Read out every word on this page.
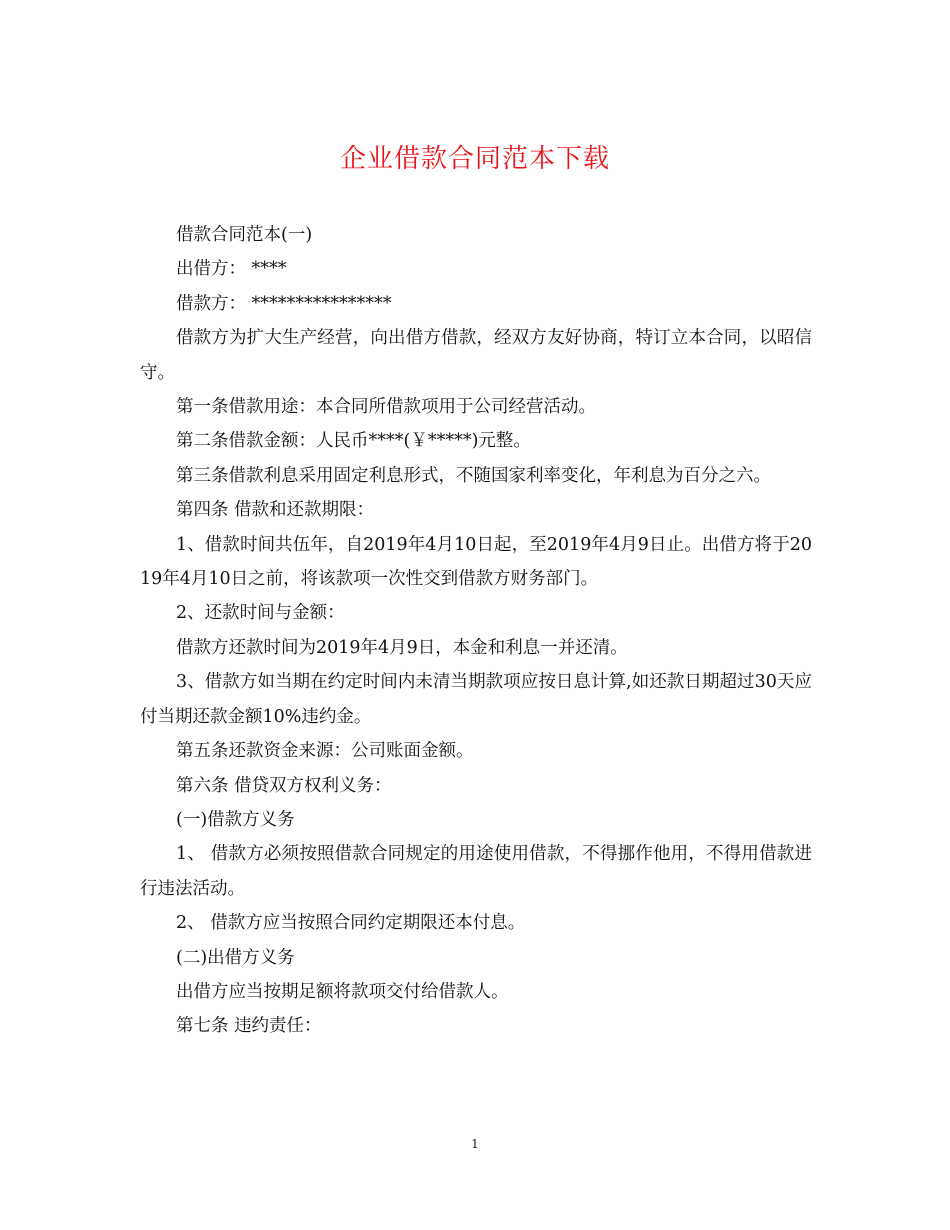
企业借款合同范本下载

借款合同范本(一)

出借方： ****

借款方： ****************

借款方为扩大生产经营，向出借方借款，经双方友好协商，特订立本合同，以昭信守。

第一条借款用途：本合同所借款项用于公司经营活动。

第二条借款金额：人民币****(￥*****)元整。

第三条借款利息采用固定利息形式，不随国家利率变化，年利息为百分之六。

第四条 借款和还款期限：

1、借款时间共伍年，自2019年4月10日起，至2019年4月9日止。出借方将于2019年4月10日之前，将该款项一次性交到借款方财务部门。

2、还款时间与金额：

借款方还款时间为2019年4月9日，本金和利息一并还清。

3、借款方如当期在约定时间内未清当期款项应按日息计算,如还款日期超过30天应付当期还款金额10%违约金。

第五条还款资金来源：公司账面金额。

第六条 借贷双方权利义务：

(一)借款方义务

1、 借款方必须按照借款合同规定的用途使用借款，不得挪作他用，不得用借款进行违法活动。

2、 借款方应当按照合同约定期限还本付息。

(二)出借方义务

出借方应当按期足额将款项交付给借款人。

第七条 违约责任：

1
